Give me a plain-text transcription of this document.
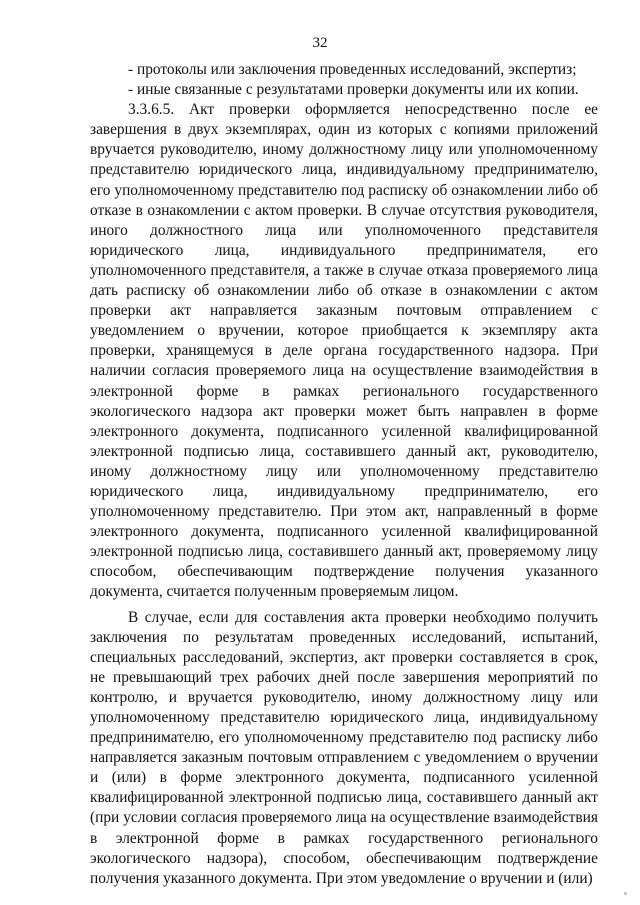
32

- протоколы или заключения проведенных исследований, экспертиз;

- иные связанные с результатами проверки документы или их копии.

3.3.6.5. Акт проверки оформляется непосредственно после ее завершения в двух экземплярах, один из которых с копиями приложений вручается руководителю, иному должностному лицу или уполномоченному представителю юридического лица, индивидуальному предпринимателю, его уполномоченному представителю под расписку об ознакомлении либо об отказе в ознакомлении с актом проверки. В случае отсутствия руководителя, иного должностного лица или уполномоченного представителя юридического лица, индивидуального предпринимателя, его уполномоченного представителя, а также в случае отказа проверяемого лица дать расписку об ознакомлении либо об отказе в ознакомлении с актом проверки акт направляется заказным почтовым отправлением с уведомлением о вручении, которое приобщается к экземпляру акта проверки, хранящемуся в деле органа государственного надзора. При наличии согласия проверяемого лица на осуществление взаимодействия в электронной форме в рамках регионального государственного экологического надзора акт проверки может быть направлен в форме электронного документа, подписанного усиленной квалифицированной электронной подписью лица, составившего данный акт, руководителю, иному должностному лицу или уполномоченному представителю юридического лица, индивидуальному предпринимателю, его уполномоченному представителю. При этом акт, направленный в форме электронного документа, подписанного усиленной квалифицированной электронной подписью лица, составившего данный акт, проверяемому лицу способом, обеспечивающим подтверждение получения указанного документа, считается полученным проверяемым лицом.

В случае, если для составления акта проверки необходимо получить заключения по результатам проведенных исследований, испытаний, специальных расследований, экспертиз, акт проверки составляется в срок, не превышающий трех рабочих дней после завершения мероприятий по контролю, и вручается руководителю, иному должностному лицу или уполномоченному представителю юридического лица, индивидуальному предпринимателю, его уполномоченному представителю под расписку либо направляется заказным почтовым отправлением с уведомлением о вручении и (или) в форме электронного документа, подписанного усиленной квалифицированной электронной подписью лица, составившего данный акт (при условии согласия проверяемого лица на осуществление взаимодействия в электронной форме в рамках государственного регионального экологического надзора), способом, обеспечивающим подтверждение получения указанного документа. При этом уведомление о вручении и (или)
